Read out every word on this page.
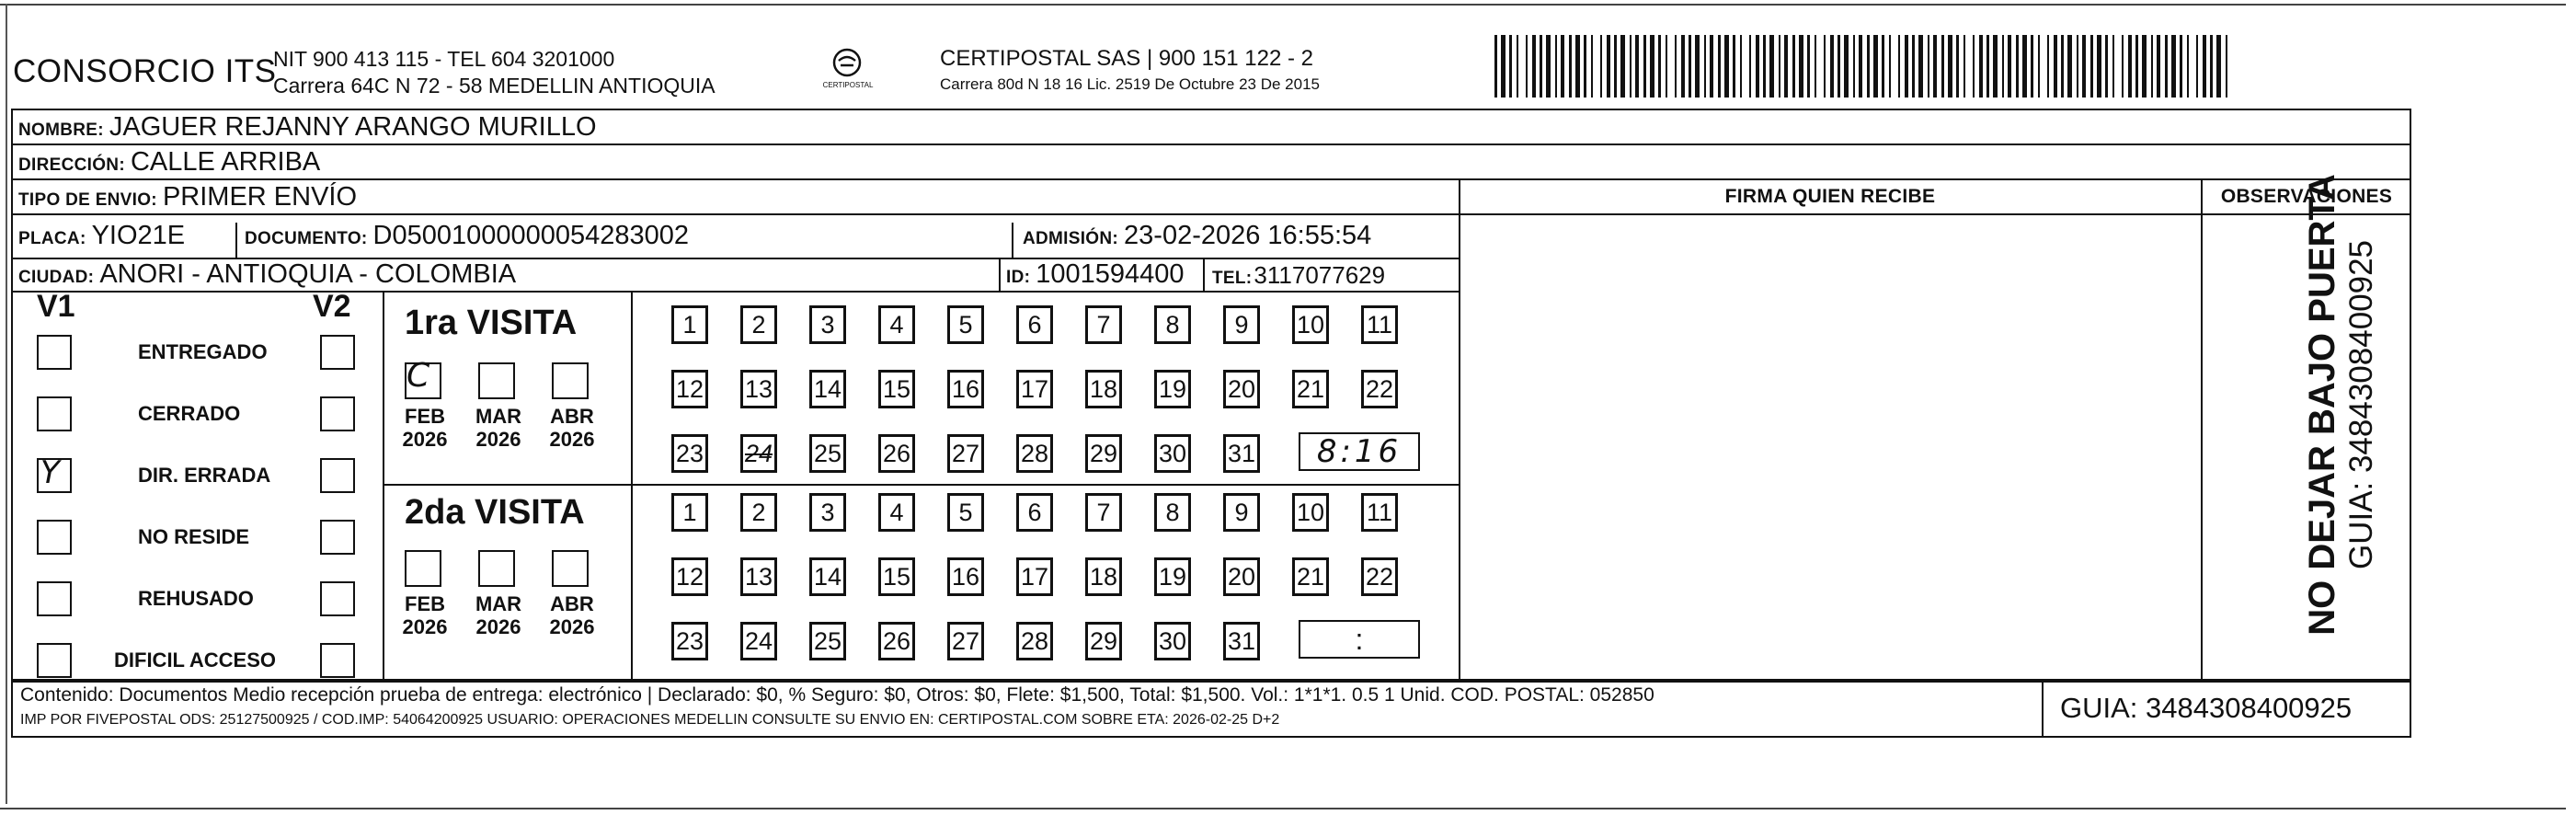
CONSORCIO ITS
NIT 900 413 115 - TEL 604 3201000
Carrera 64C N 72 - 58 MEDELLIN ANTIOQUIA	CERTIPOSTAL
CERTIPOSTAL SAS | 900 151 122 - 2
Carrera 80d N 18 16 Lic. 2519 De Octubre 23 De 2015
NOMBRE: JAGUER REJANNY ARANGO MURILLO
DIRECCIÓN: CALLE ARRIBA
TIPO DE ENVIO: PRIMER ENVÍO
PLACA: YIO21E	DOCUMENTO: D05001000000054283002	ADMISIÓN: 23-02-2026 16:55:54
CIUDAD: ANORI - ANTIOQUIA - COLOMBIA	ID: 1001594400 TEL: 3117077629
FIRMA QUIEN RECIBE	OBSERVACIONES
V1	V2
ENTREGADO
CERRADO
Y	DIR. ERRADA
NO RESIDE
REHUSADO
DIFICIL ACCESO
1ra VISITA
C
FEB
2026
MAR
2026
ABR
2026
1	2	3	4	5	6	7	8	9	10 11
12 13 14 15 16 17 18 19 20 21 22
23 24 25 26 27 28 29 30 31 8:16
2da VISITA
FEB
2026
MAR
2026
ABR
2026
1	2	3	4	5	6	7	8	9	10 11
12 13 14 15 16 17 18 19 20 21 22
23 24 25 26 27 28 29 30 31	:
Contenido: Documentos Medio recepción prueba de entrega: electrónico | Declarado: $0, % Seguro: $0, Otros: $0, Flete: $1,500, Total: $1,500. Vol.: 1*1*1. 0.5 1 Unid. COD. POSTAL: 052850
IMP POR FIVEPOSTAL ODS: 25127500925 / COD.IMP: 54064200925 USUARIO: OPERACIONES MEDELLIN CONSULTE SU ENVIO EN: CERTIPOSTAL.COM SOBRE ETA: 2026-02-25 D+2	GUIA: 3484308400925
NO DEJAR BAJO PUERTA GUIA: 3484308400925
